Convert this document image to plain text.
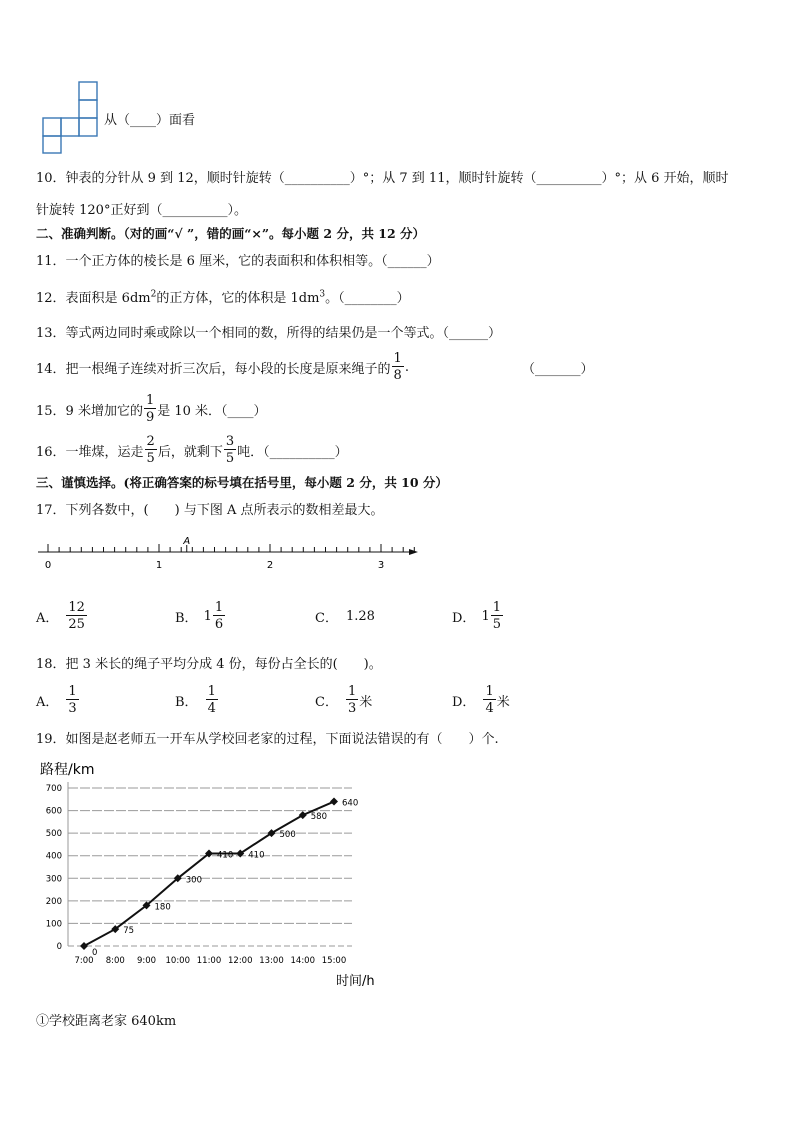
从（____）面看
10．钟表的分针从 9 到 12，顺时针旋转（__________）°；从 7 到 11，顺时针旋转（__________）°；从 6 开始，顺时
针旋转 120°正好到（__________）。
二、准确判断。（对的画“√ ”，错的画“×”。每小题 2 分，共 12 分）
11．一个正方体的棱长是 6 厘米，它的表面积和体积相等。（______）
12．表面积是 $6dm^2$的正方体，它的体积是 $1dm^3$。（________）
13．等式两边同时乘或除以一个相同的数，所得的结果仍是一个等式。（______）
14．把一根绳子连续对折三次后，每小段的长度是原来绳子的 $\frac{1}{8}$ .	（_______）
15．9 米增加它的 $\frac{1}{9}$ 是 10 米．（____）
16．一堆煤，运走 $\frac{2}{5}$ 后，就剩下 $\frac{3}{5}$ 吨．（__________）
三、谨慎选择。(将正确答案的标号填在括号里，每小题 2 分，共 10 分）
17．下列各数中，(　　) 与下图 A 点所表示的数相差最大。
0	1	2	3
A
A． $\frac{12}{25}$	B． $1 \frac{1}{6}$	C． 1.28	D． $1 \frac{1}{5}$
18．把 3 米长的绳子平均分成 4 份，每份占全长的(　　)。
A． $\frac{1}{3}$	B． $\frac{1}{4}$	C． $\frac{1}{3}$ 米	D． $\frac{1}{4}$ 米
19．如图是赵老师五一开车从学校回老家的过程，下面说法错误的有（　　）个.
路程/km
时间/h
0
100
200
300
400
500
600
700
7:00 8:00 9:00 10:00 11:00 12:00 13:00 14:00 15:00
0
75
180
300
410 410
500
580
640
①学校距离老家 640km
